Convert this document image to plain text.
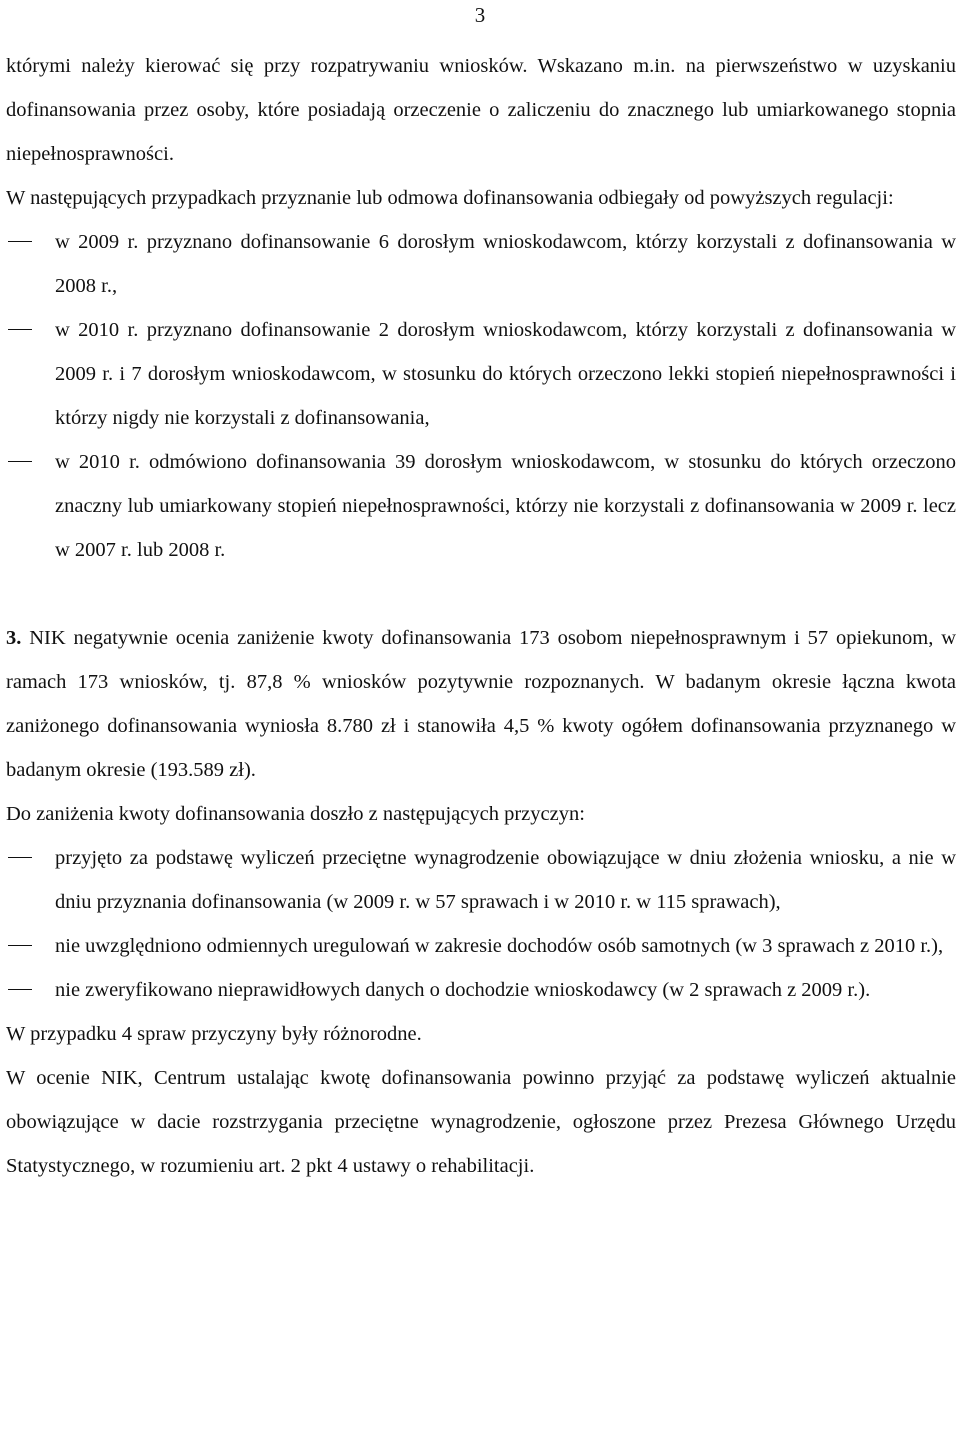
3

którymi należy kierować się przy rozpatrywaniu wniosków. Wskazano m.in. na pierwszeństwo w uzyskaniu dofinansowania przez osoby, które posiadają orzeczenie o zaliczeniu do znacznego lub umiarkowanego stopnia niepełnosprawności.

W następujących przypadkach przyznanie lub odmowa dofinansowania odbiegały od powyższych regulacji:

w 2009 r. przyznano dofinansowanie 6 dorosłym wnioskodawcom, którzy korzystali z dofinansowania w 2008 r.,
w 2010 r. przyznano dofinansowanie 2 dorosłym wnioskodawcom, którzy korzystali z dofinansowania w 2009 r. i 7 dorosłym wnioskodawcom, w stosunku do których orzeczono lekki stopień niepełnosprawności i którzy nigdy nie korzystali z dofinansowania,
w 2010 r. odmówiono dofinansowania 39 dorosłym wnioskodawcom, w stosunku do których orzeczono znaczny lub umiarkowany stopień niepełnosprawności, którzy nie korzystali z dofinansowania w 2009 r. lecz w 2007 r. lub 2008 r.

3. NIK negatywnie ocenia zaniżenie kwoty dofinansowania 173 osobom niepełnosprawnym i 57 opiekunom, w ramach 173 wniosków, tj. 87,8 % wniosków pozytywnie rozpoznanych. W badanym okresie łączna kwota zaniżonego dofinansowania wyniosła 8.780 zł i stanowiła 4,5 % kwoty ogółem dofinansowania przyznanego w badanym okresie (193.589 zł).

Do zaniżenia kwoty dofinansowania doszło z następujących przyczyn:

przyjęto za podstawę wyliczeń przeciętne wynagrodzenie obowiązujące w dniu złożenia wniosku, a nie w dniu przyznania dofinansowania (w 2009 r. w 57 sprawach i w 2010 r. w 115 sprawach),
nie uwzględniono odmiennych uregulowań w zakresie dochodów osób samotnych (w 3 sprawach z 2010 r.),
nie zweryfikowano nieprawidłowych danych o dochodzie wnioskodawcy (w 2 sprawach z 2009 r.).

W przypadku 4 spraw przyczyny były różnorodne.

W ocenie NIK, Centrum ustalając kwotę dofinansowania powinno przyjąć za podstawę wyliczeń aktualnie obowiązujące w dacie rozstrzygania przeciętne wynagrodzenie, ogłoszone przez Prezesa Głównego Urzędu Statystycznego, w rozumieniu art. 2 pkt 4 ustawy o rehabilitacji.
